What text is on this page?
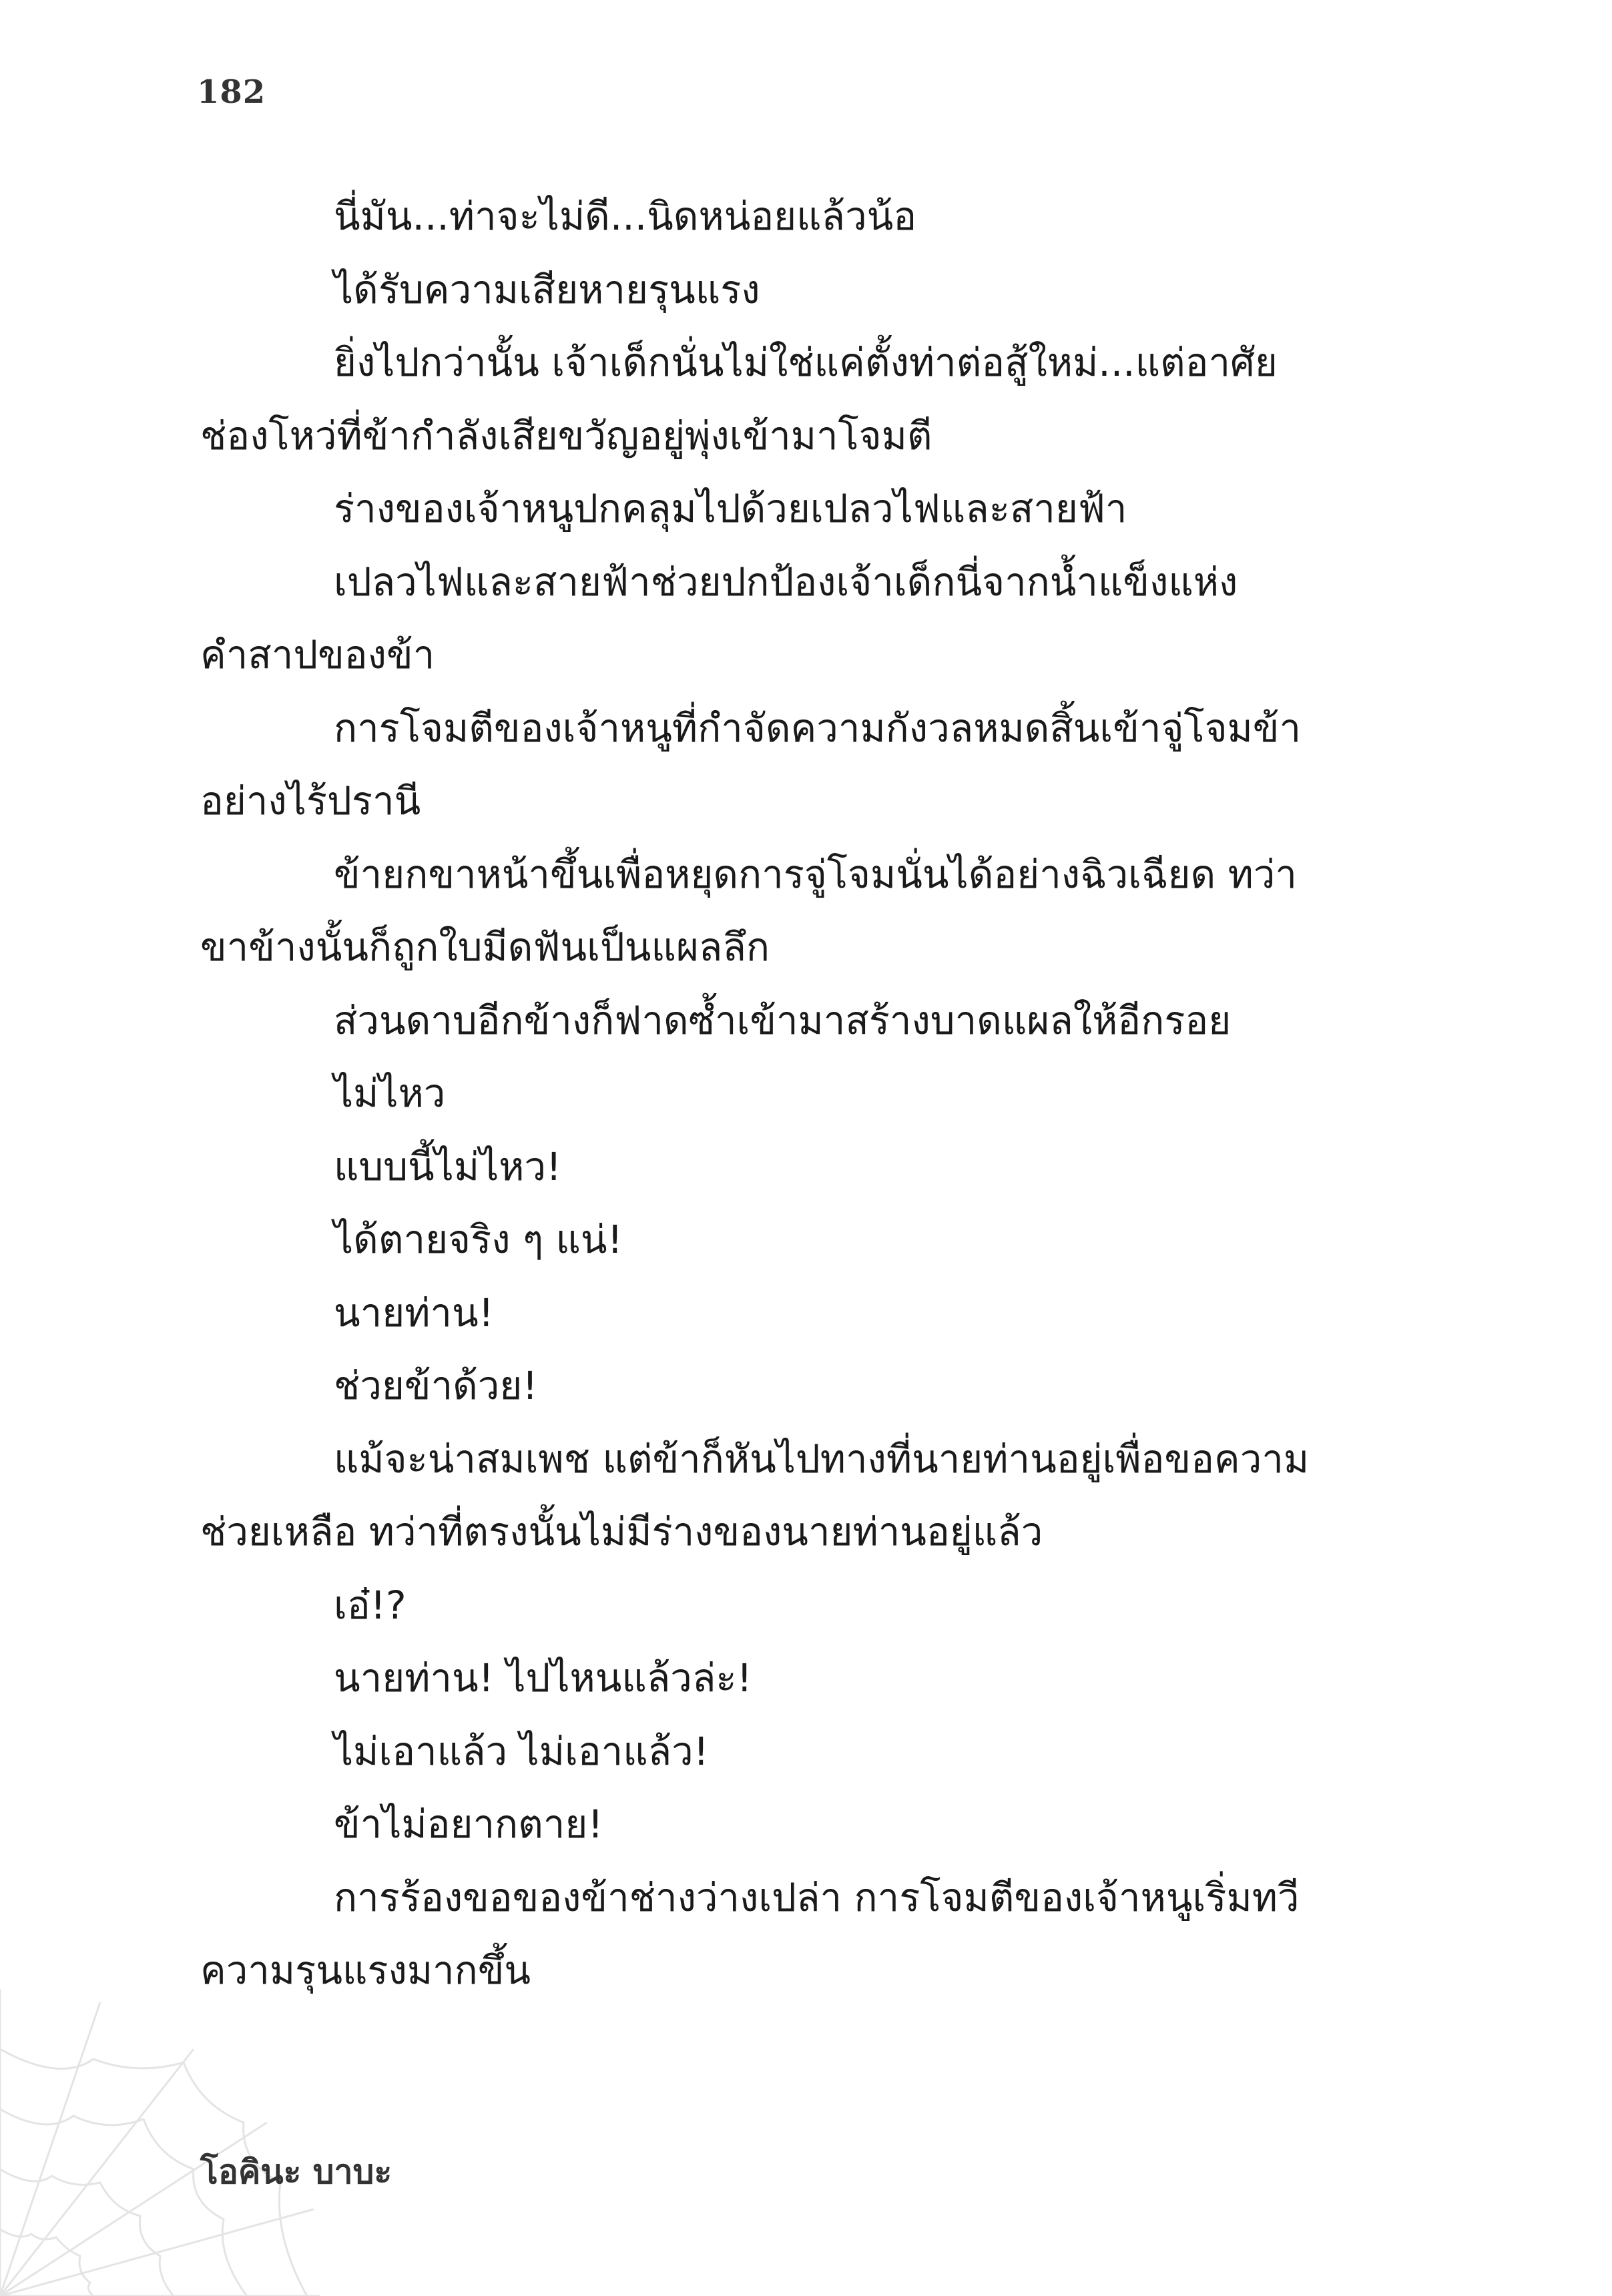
182
นี่มัน...ท่าจะไม่ดี...นิดหน่อยแล้วน้อ
ได้รับความเสียหายรุนแรง
ยิ่งไปกว่านั้น เจ้าเด็กนั่นไม่ใช่แค่ตั้งท่าต่อสู้ใหม่...แต่อาศัย
ช่องโหว่ที่ข้ากำลังเสียขวัญอยู่พุ่งเข้ามาโจมตี
ร่างของเจ้าหนูปกคลุมไปด้วยเปลวไฟและสายฟ้า
เปลวไฟและสายฟ้าช่วยปกป้องเจ้าเด็กนี่จากน้ำแข็งแห่ง
คำสาปของข้า
การโจมตีของเจ้าหนูที่กำจัดความกังวลหมดสิ้นเข้าจู่โจมข้า
อย่างไร้ปรานี
ข้ายกขาหน้าขึ้นเพื่อหยุดการจู่โจมนั่นได้อย่างฉิวเฉียด ทว่า
ขาข้างนั้นก็ถูกใบมีดฟันเป็นแผลลึก
ส่วนดาบอีกข้างก็ฟาดซ้ำเข้ามาสร้างบาดแผลให้อีกรอย
ไม่ไหว
แบบนี้ไม่ไหว!
ได้ตายจริง ๆ แน่!
นายท่าน!
ช่วยข้าด้วย!
แม้จะน่าสมเพช แต่ข้าก็หันไปทางที่นายท่านอยู่เพื่อขอความ
ช่วยเหลือ ทว่าที่ตรงนั้นไม่มีร่างของนายท่านอยู่แล้ว
เอ๋!?
นายท่าน! ไปไหนแล้วล่ะ!
ไม่เอาแล้ว ไม่เอาแล้ว!
ข้าไม่อยากตาย!
การร้องขอของข้าช่างว่างเปล่า การโจมตีของเจ้าหนูเริ่มทวี
ความรุนแรงมากขึ้น
โอคินะ บาบะ
